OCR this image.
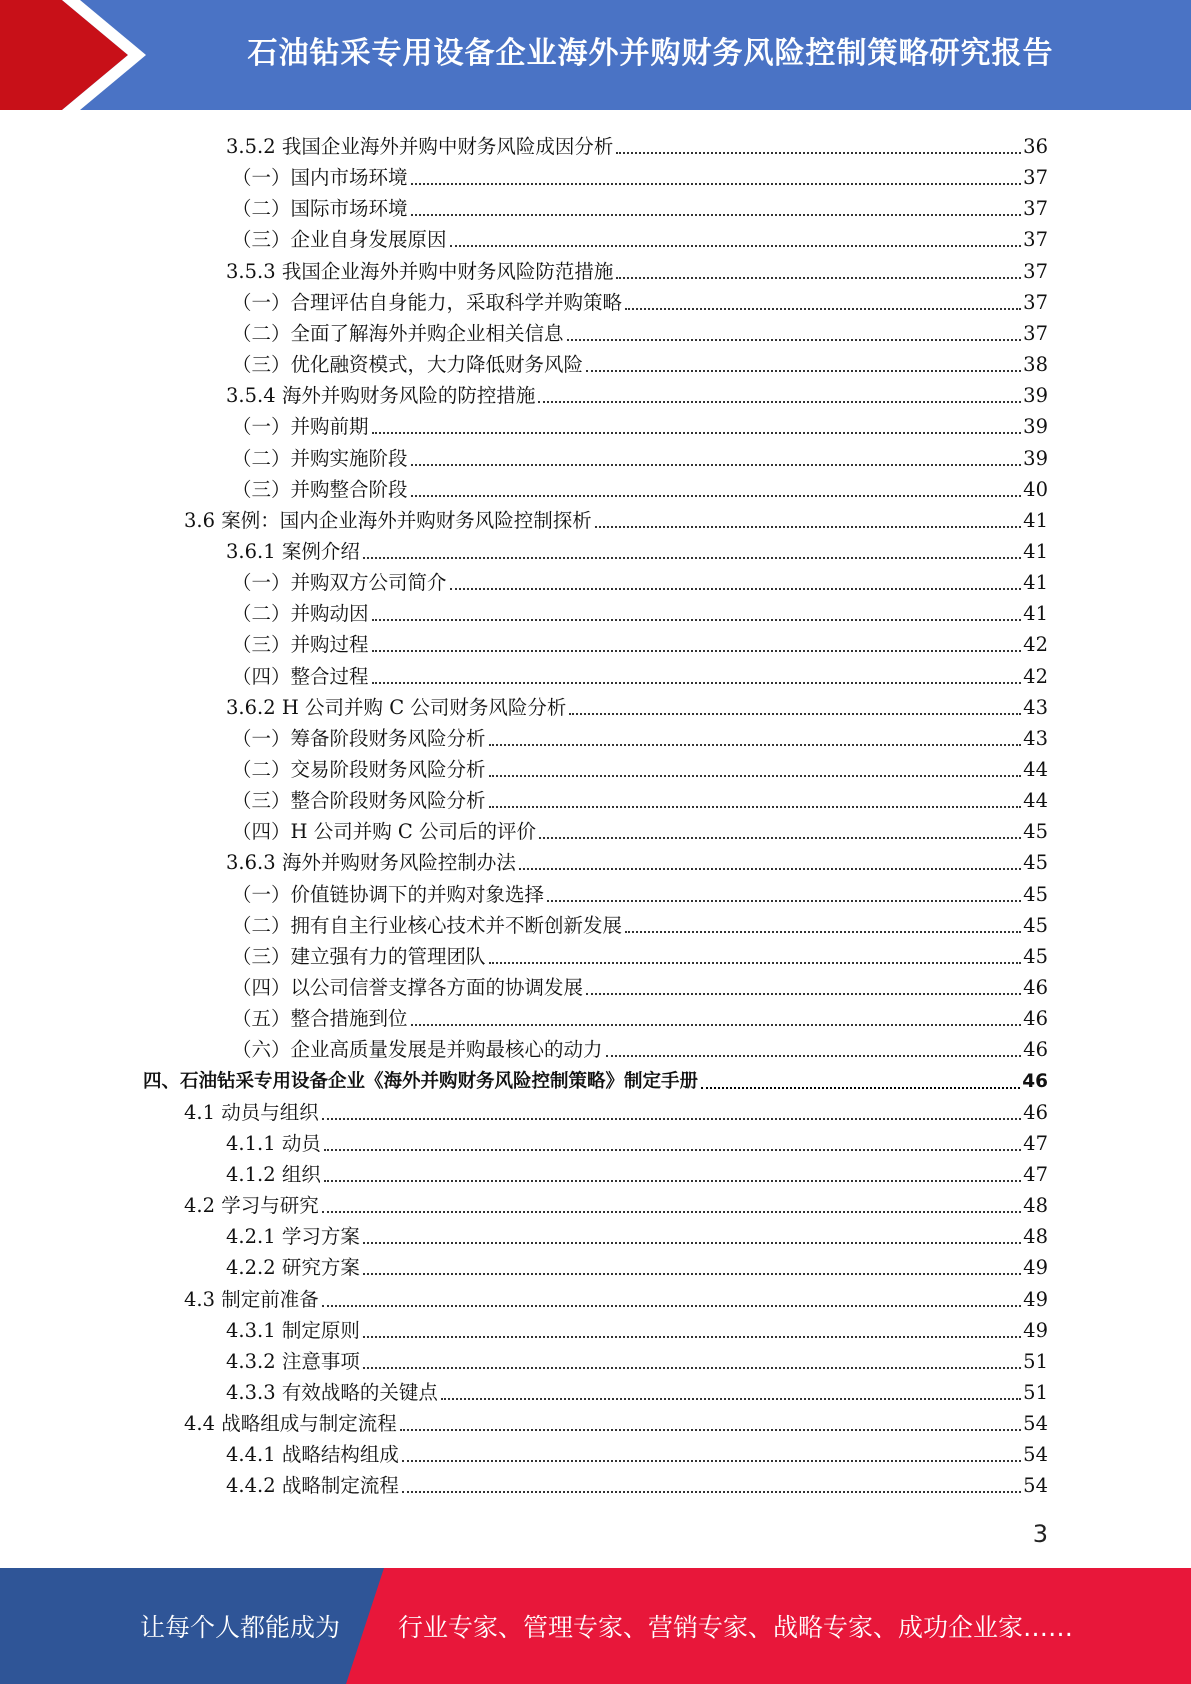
石油钻采专用设备企业海外并购财务风险控制策略研究报告
3.5.2 我国企业海外并购中财务风险成因分析	36
（一）国内市场环境	37
（二）国际市场环境	37
（三）企业自身发展原因	37
3.5.3 我国企业海外并购中财务风险防范措施	37
（一）合理评估自身能力，采取科学并购策略	37
（二）全面了解海外并购企业相关信息	37
（三）优化融资模式，大力降低财务风险	38
3.5.4 海外并购财务风险的防控措施	39
（一）并购前期	39
（二）并购实施阶段	39
（三）并购整合阶段	40
3.6 案例：国内企业海外并购财务风险控制探析	41
3.6.1 案例介绍	41
（一）并购双方公司简介	41
（二）并购动因	41
（三）并购过程	42
（四）整合过程	42
3.6.2 H 公司并购 C 公司财务风险分析	43
（一）筹备阶段财务风险分析	43
（二）交易阶段财务风险分析	44
（三）整合阶段财务风险分析	44
（四）H 公司并购 C 公司后的评价	45
3.6.3 海外并购财务风险控制办法	45
（一）价值链协调下的并购对象选择	45
（二）拥有自主行业核心技术并不断创新发展	45
（三）建立强有力的管理团队	45
（四）以公司信誉支撑各方面的协调发展	46
（五）整合措施到位	46
（六）企业高质量发展是并购最核心的动力	46
四、石油钻采专用设备企业《海外并购财务风险控制策略》制定手册	46
4.1 动员与组织	46
4.1.1 动员	47
4.1.2 组织	47
4.2 学习与研究	48
4.2.1 学习方案	48
4.2.2 研究方案	49
4.3 制定前准备	49
4.3.1 制定原则	49
4.3.2 注意事项	51
4.3.3 有效战略的关键点	51
4.4 战略组成与制定流程	54
4.4.1 战略结构组成	54
4.4.2 战略制定流程	54
3
让每个人都能成为 行业专家、管理专家、营销专家、战略专家、成功企业家……
